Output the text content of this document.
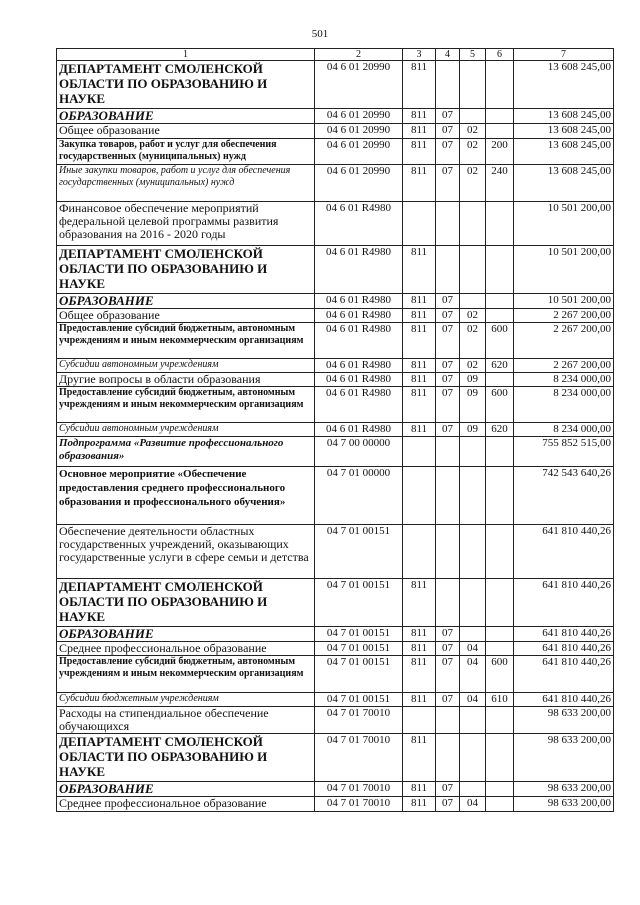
501
1	2	3	4	5	6	7
ДЕПАРТАМЕНТ СМОЛЕНСКОЙ ОБЛАСТИ ПО ОБРАЗОВАНИЮ И НАУКЕ	04 6 01 20990	811				13 608 245,00
ОБРАЗОВАНИЕ	04 6 01 20990	811	07			13 608 245,00
Общее образование	04 6 01 20990	811	07	02		13 608 245,00
Закупка товаров, работ и услуг для обеспечения государственных (муниципальных) нужд	04 6 01 20990	811	07	02	200	13 608 245,00
Иные закупки товаров, работ и услуг для обеспечения государственных (муниципальных) нужд	04 6 01 20990	811	07	02	240	13 608 245,00
Финансовое обеспечение мероприятий федеральной целевой программы развития образования на 2016 - 2020 годы	04 6 01 R4980					10 501 200,00
ДЕПАРТАМЕНТ СМОЛЕНСКОЙ ОБЛАСТИ ПО ОБРАЗОВАНИЮ И НАУКЕ	04 6 01 R4980	811				10 501 200,00
ОБРАЗОВАНИЕ	04 6 01 R4980	811	07			10 501 200,00
Общее образование	04 6 01 R4980	811	07	02		2 267 200,00
Предоставление субсидий бюджетным, автономным учреждениям и иным некоммерческим организациям	04 6 01 R4980	811	07	02	600	2 267 200,00
Субсидии автономным учреждениям	04 6 01 R4980	811	07	02	620	2 267 200,00
Другие вопросы в области образования	04 6 01 R4980	811	07	09		8 234 000,00
Предоставление субсидий бюджетным, автономным учреждениям и иным некоммерческим организациям	04 6 01 R4980	811	07	09	600	8 234 000,00
Субсидии автономным учреждениям	04 6 01 R4980	811	07	09	620	8 234 000,00
Подпрограмма «Развитие профессионального образования»	04 7 00 00000					755 852 515,00
Основное мероприятие «Обеспечение предоставления среднего профессионального образования и профессионального обучения»	04 7 01 00000					742 543 640,26
Обеспечение деятельности областных государственных учреждений, оказывающих государственные услуги в сфере семьи и детства	04 7 01 00151					641 810 440,26
ДЕПАРТАМЕНТ СМОЛЕНСКОЙ ОБЛАСТИ ПО ОБРАЗОВАНИЮ И НАУКЕ	04 7 01 00151	811				641 810 440,26
ОБРАЗОВАНИЕ	04 7 01 00151	811	07			641 810 440,26
Среднее профессиональное образование	04 7 01 00151	811	07	04		641 810 440,26
Предоставление субсидий бюджетным, автономным учреждениям и иным некоммерческим организациям	04 7 01 00151	811	07	04	600	641 810 440,26
Субсидии бюджетным учреждениям	04 7 01 00151	811	07	04	610	641 810 440,26
Расходы на стипендиальное обеспечение обучающихся	04 7 01 70010					98 633 200,00
ДЕПАРТАМЕНТ СМОЛЕНСКОЙ ОБЛАСТИ ПО ОБРАЗОВАНИЮ И НАУКЕ	04 7 01 70010	811				98 633 200,00
ОБРАЗОВАНИЕ	04 7 01 70010	811	07			98 633 200,00
Среднее профессиональное образование	04 7 01 70010	811	07	04		98 633 200,00
